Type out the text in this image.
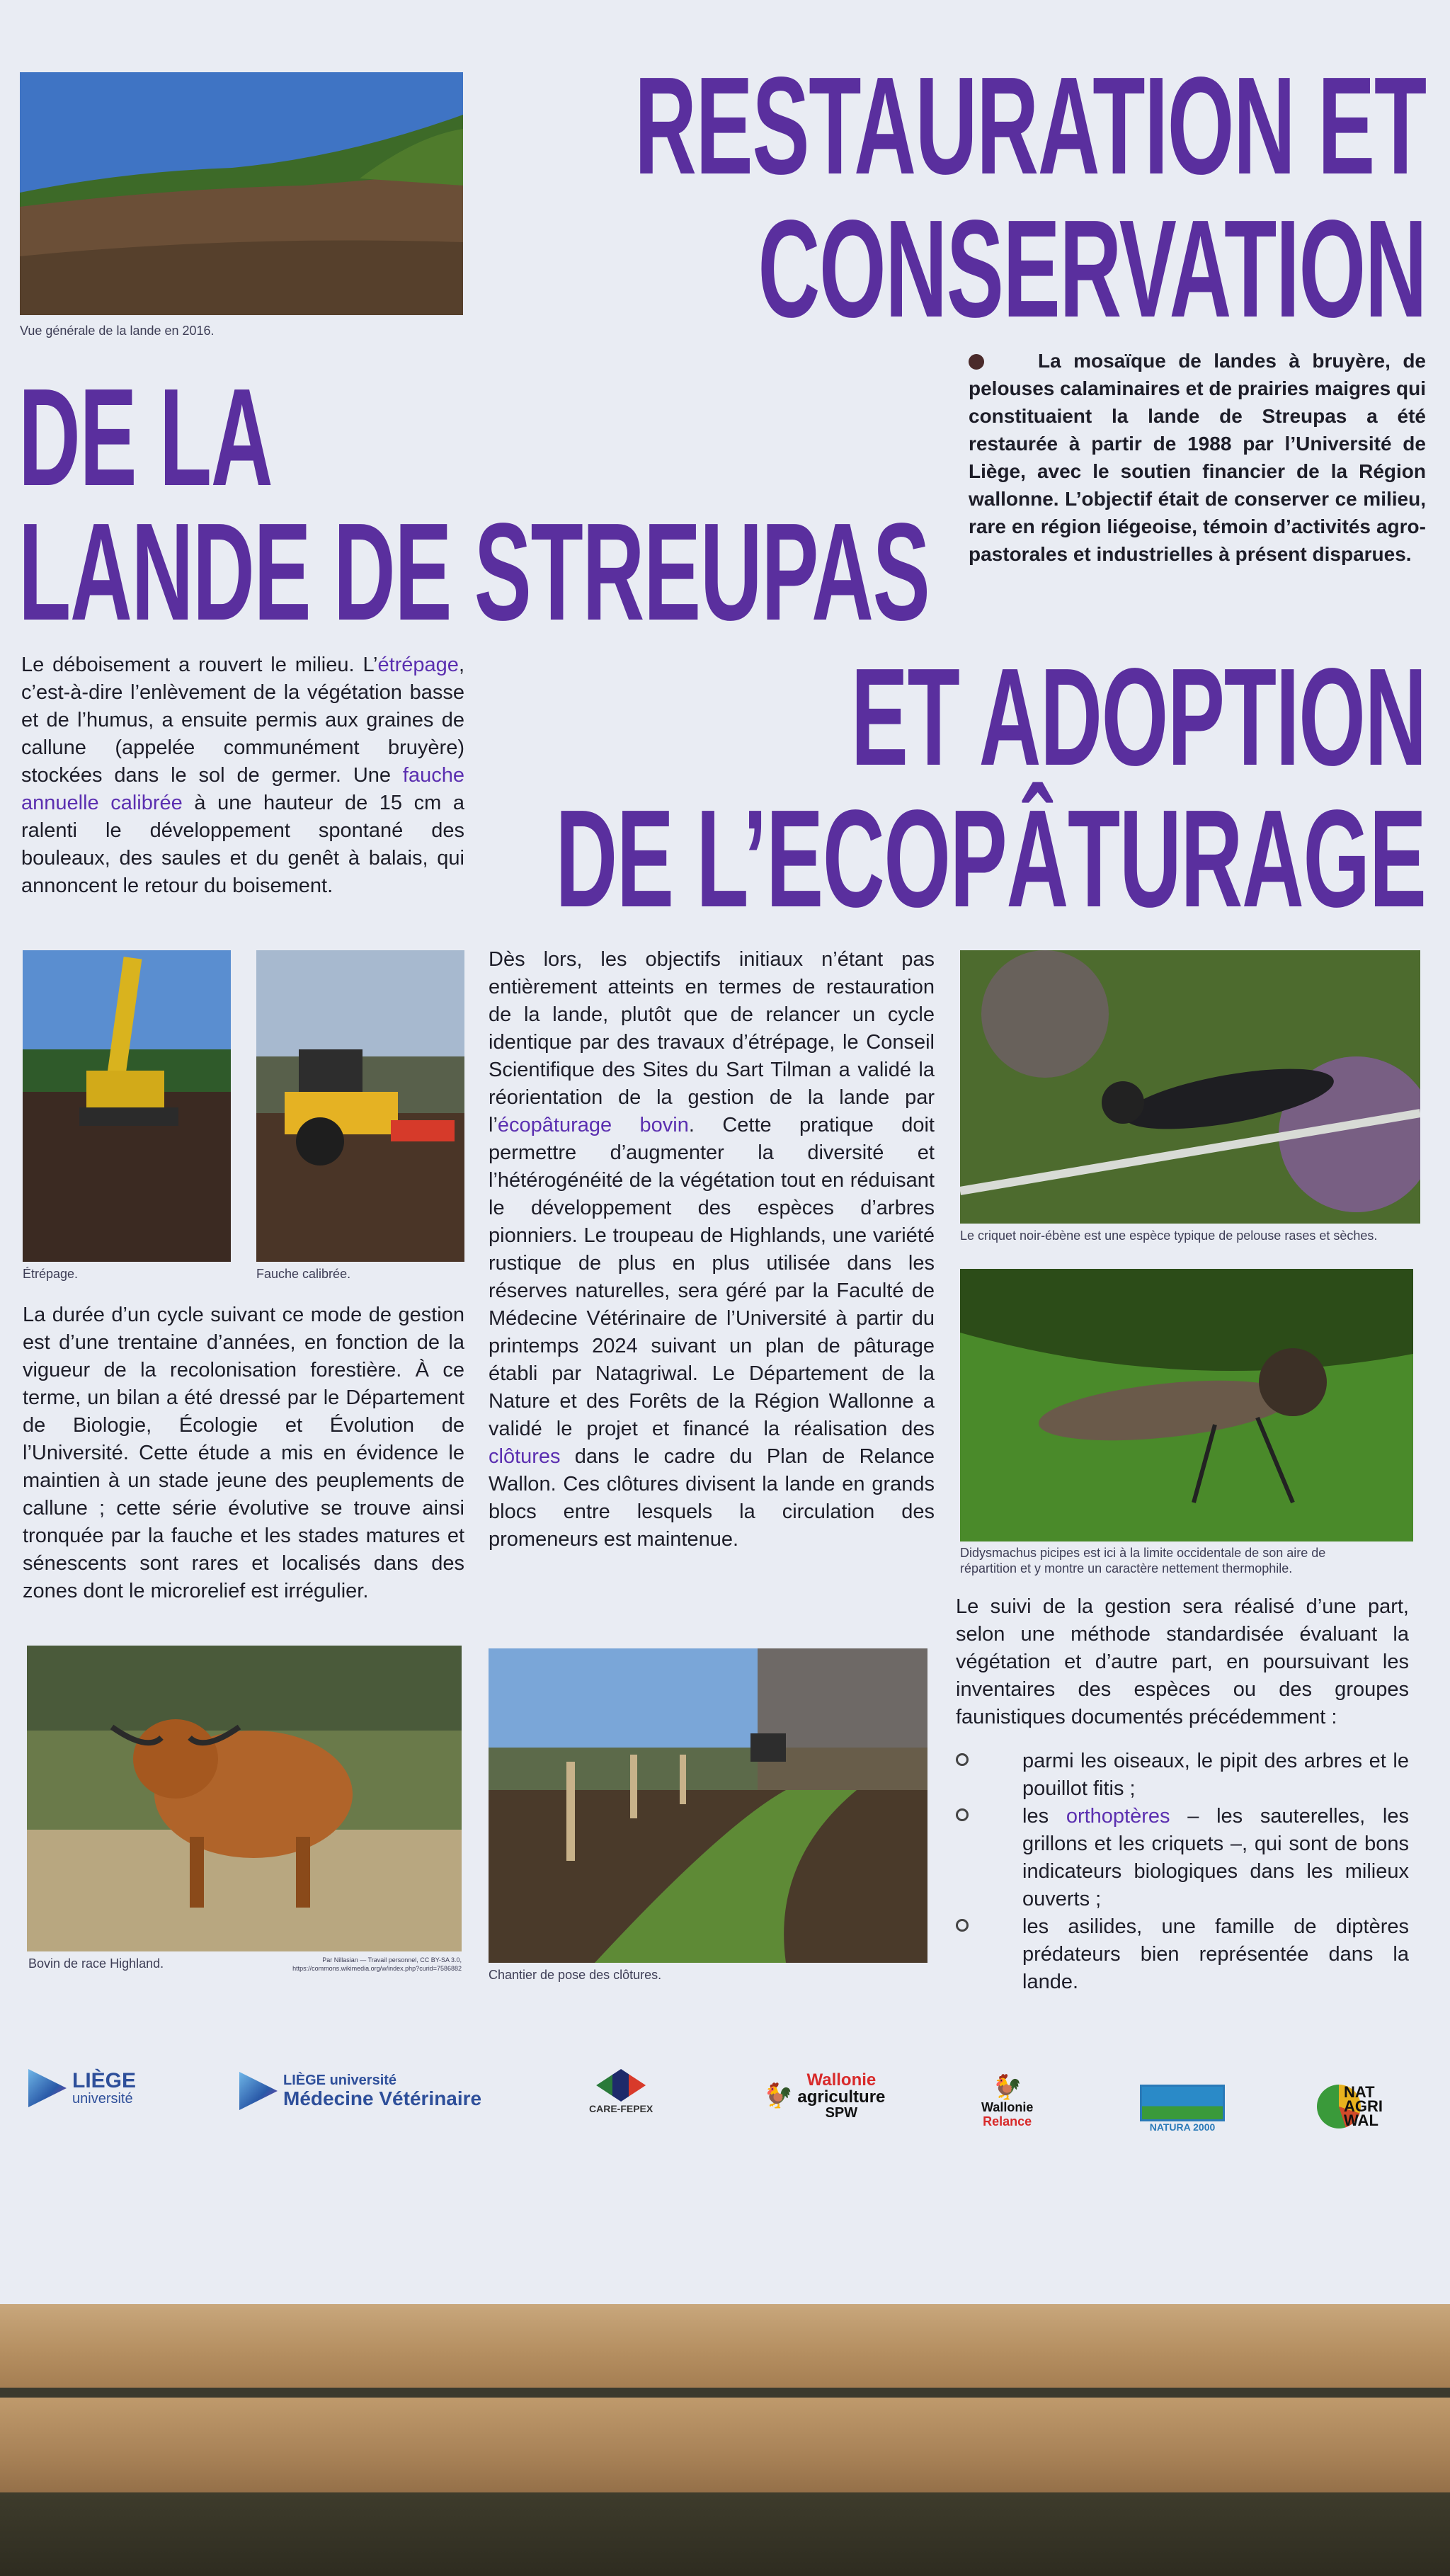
Vue générale de la lande en 2016.
RESTAURATION ET
CONSERVATION
DE LA
LANDE DE STREUPAS
ET ADOPTION
DE L’ECOPÂTURAGE
La mosaïque de landes à bruyère, de pelouses calaminaires et de prairies maigres qui constituaient la lande de Streupas a été restaurée à partir de 1988 par l’Université de Liège, avec le soutien financier de la Région wallonne. L’objectif était de conserver ce milieu, rare en région liégeoise, témoin d’activités agro-pastorales et industrielles à présent disparues.
Le déboisement a rouvert le milieu. L’étrépage, c’est-à-dire l’enlèvement de la végétation basse et de l’humus, a ensuite permis aux graines de callune (appelée communément bruyère) stockées dans le sol de germer. Une fauche annuelle calibrée à une hauteur de 15 cm a ralenti le développement spontané des bouleaux, des saules et du genêt à balais, qui annoncent le retour du boisement.
Étrépage.	Fauche calibrée.
La durée d’un cycle suivant ce mode de gestion est d’une trentaine d’années, en fonction de la vigueur de la recolonisation forestière. À ce terme, un bilan a été dressé par le Département de Biologie, Écologie et Évolution de l’Université. Cette étude a mis en évidence le maintien à un stade jeune des peuplements de callune ; cette série évolutive se trouve ainsi tronquée par la fauche et les stades matures et sénescents sont rares et localisés dans des zones dont le microrelief est irrégulier.
Dès lors, les objectifs initiaux n’étant pas entièrement atteints en termes de restauration de la lande, plutôt que de relancer un cycle identique par des travaux d’étrépage, le Conseil Scientifique des Sites du Sart Tilman a validé la réorientation de la gestion de la lande par l’écopâturage bovin. Cette pratique doit permettre d’augmenter la diversité et l’hétérogénéité de la végétation tout en réduisant le développement des espèces d’arbres pionniers. Le troupeau de Highlands, une variété rustique de plus en plus utilisée dans les réserves naturelles, sera géré par la Faculté de Médecine Vétérinaire de l’Université à partir du printemps 2024 suivant un plan de pâturage établi par Natagriwal. Le Département de la Nature et des Forêts de la Région Wallonne a validé le projet et financé la réalisation des clôtures dans le cadre du Plan de Relance Wallon. Ces clôtures divisent la lande en grands blocs entre lesquels la circulation des promeneurs est maintenue.
Le criquet noir-ébène est une espèce typique de pelouse rases et sèches.
Didysmachus picipes est ici à la limite occidentale de son aire de répartition et y montre un caractère nettement thermophile.
Le suivi de la gestion sera réalisé d’une part, selon une méthode standardisée évaluant la végétation et d’autre part, en poursuivant les inventaires des espèces ou des groupes faunistiques documentés précédemment :
parmi les oiseaux, le pipit des arbres et le pouillot fitis ;
les orthoptères – les sauterelles, les grillons et les criquets –, qui sont de bons indicateurs biologiques dans les milieux ouverts ;
les asilides, une famille de diptères prédateurs bien représentée dans la lande.
Bovin de race Highland.	Par Nillasian — Travail personnel, CC BY-SA 3.0,
https://commons.wikimedia.org/w/index.php?curid=7586882 Chantier de pose des clôtures.
LIÈGE
université
LIÈGE université
Médecine Vétérinaire	CARE-FEPEX	🐓
Wallonie
agriculture
SPW
🐓
Wallonie
Relance	NATURA 2000
NAT
AGRI
WAL
